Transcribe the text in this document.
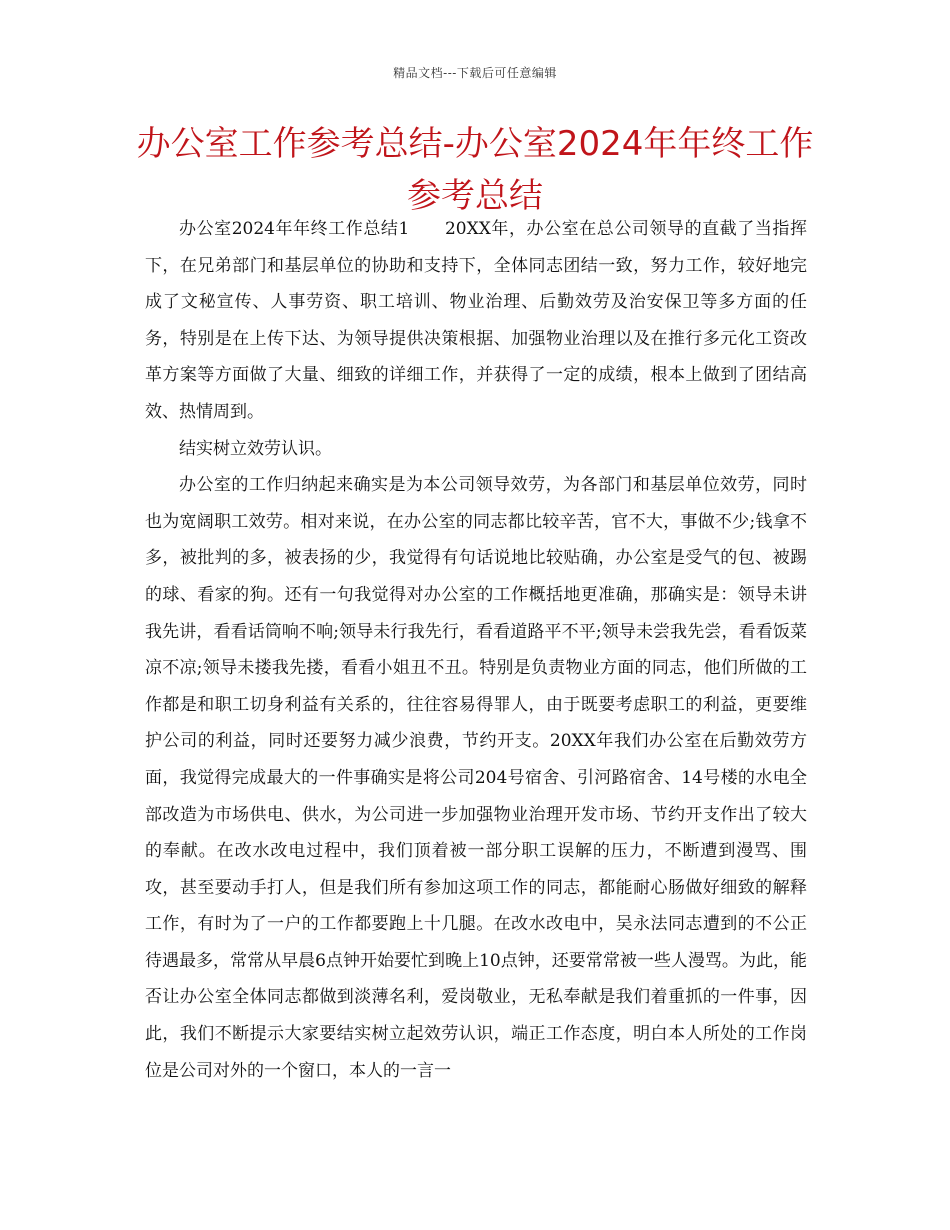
精品文档---下载后可任意编辑
办公室工作参考总结-办公室2024年年终工作参考总结

办公室2024年年终工作总结1　　20XX年，办公室在总公司领导的直截了当指挥下，在兄弟部门和基层单位的协助和支持下，全体同志团结一致，努力工作，较好地完成了文秘宣传、人事劳资、职工培训、物业治理、后勤效劳及治安保卫等多方面的任务，特别是在上传下达、为领导提供决策根据、加强物业治理以及在推行多元化工资改革方案等方面做了大量、细致的详细工作，并获得了一定的成绩，根本上做到了团结高效、热情周到。

结实树立效劳认识。

办公室的工作归纳起来确实是为本公司领导效劳，为各部门和基层单位效劳，同时也为宽阔职工效劳。相对来说，在办公室的同志都比较辛苦，官不大，事做不少;钱拿不多，被批判的多，被表扬的少，我觉得有句话说地比较贴确，办公室是受气的包、被踢的球、看家的狗。还有一句我觉得对办公室的工作概括地更准确，那确实是：领导未讲我先讲，看看话筒响不响;领导未行我先行，看看道路平不平;领导未尝我先尝，看看饭菜凉不凉;领导未搂我先搂，看看小姐丑不丑。特别是负责物业方面的同志，他们所做的工作都是和职工切身利益有关系的，往往容易得罪人，由于既要考虑职工的利益，更要维护公司的利益，同时还要努力减少浪费，节约开支。20XX年我们办公室在后勤效劳方面，我觉得完成最大的一件事确实是将公司204号宿舍、引河路宿舍、14号楼的水电全部改造为市场供电、供水，为公司进一步加强物业治理开发市场、节约开支作出了较大的奉献。在改水改电过程中，我们顶着被一部分职工误解的压力，不断遭到漫骂、围攻，甚至要动手打人，但是我们所有参加这项工作的同志，都能耐心肠做好细致的解释工作，有时为了一户的工作都要跑上十几腿。在改水改电中，吴永法同志遭到的不公正待遇最多，常常从早晨6点钟开始要忙到晚上10点钟，还要常常被一些人漫骂。为此，能否让办公室全体同志都做到淡薄名利，爱岗敬业，无私奉献是我们着重抓的一件事，因此，我们不断提示大家要结实树立起效劳认识，端正工作态度，明白本人所处的工作岗位是公司对外的一个窗口，本人的一言一
